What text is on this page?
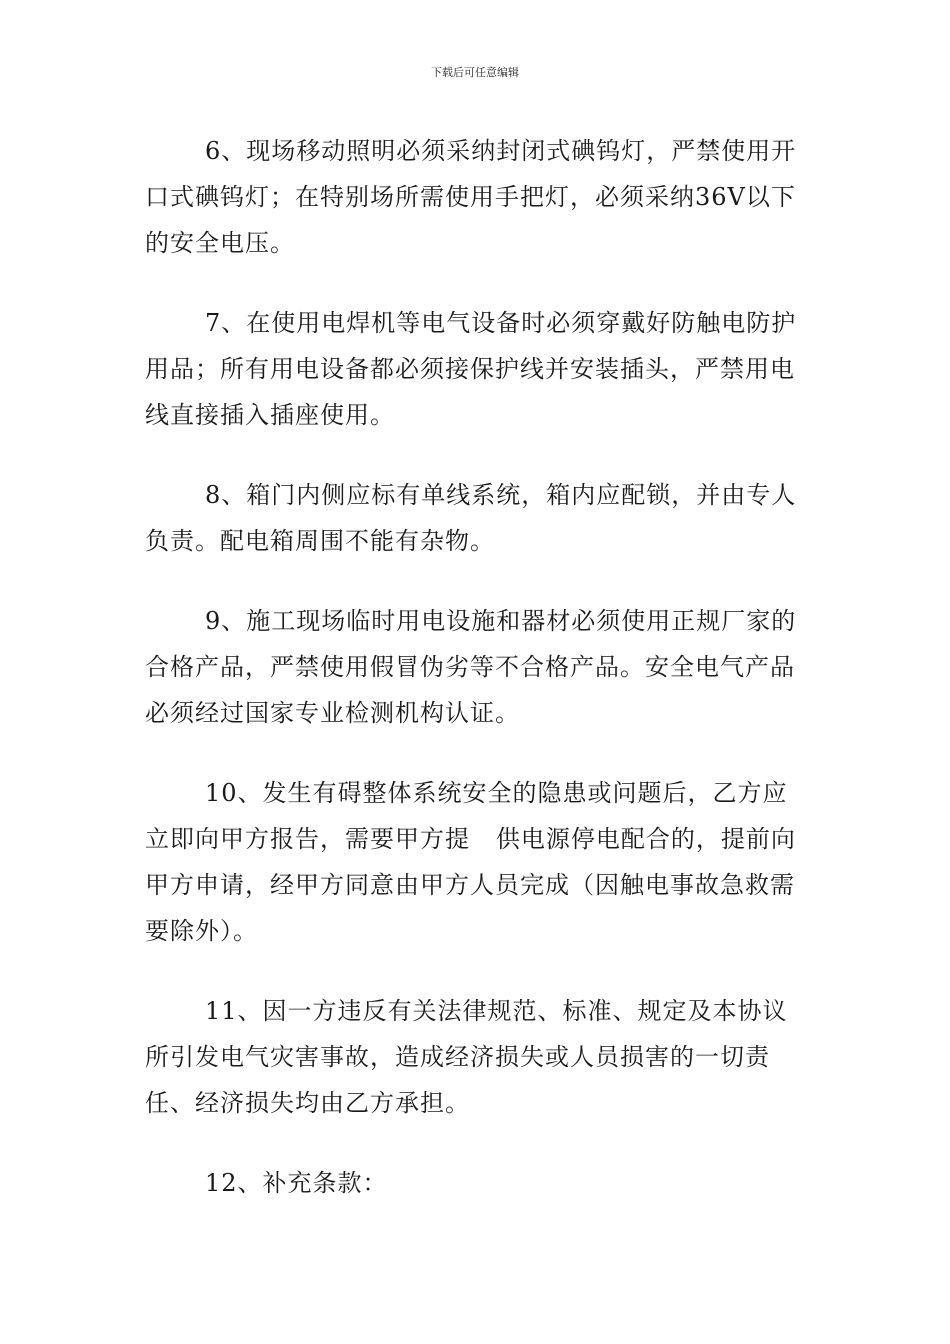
下载后可任意编辑

6、现场移动照明必须采纳封闭式碘钨灯，严禁使用开口式碘钨灯；在特别场所需使用手把灯，必须采纳36V以下的安全电压。

7、在使用电焊机等电气设备时必须穿戴好防触电防护用品；所有用电设备都必须接保护线并安装插头，严禁用电线直接插入插座使用。

8、箱门内侧应标有单线系统，箱内应配锁，并由专人负责。配电箱周围不能有杂物。

9、施工现场临时用电设施和器材必须使用正规厂家的合格产品，严禁使用假冒伪劣等不合格产品。安全电气产品必须经过国家专业检测机构认证。

10、发生有碍整体系统安全的隐患或问题后，乙方应立即向甲方报告，需要甲方提   供电源停电配合的，提前向甲方申请，经甲方同意由甲方人员完成（因触电事故急救需要除外）。

11、因一方违反有关法律规范、标准、规定及本协议所引发电气灾害事故，造成经济损失或人员损害的一切责任、经济损失均由乙方承担。

12、补充条款：
